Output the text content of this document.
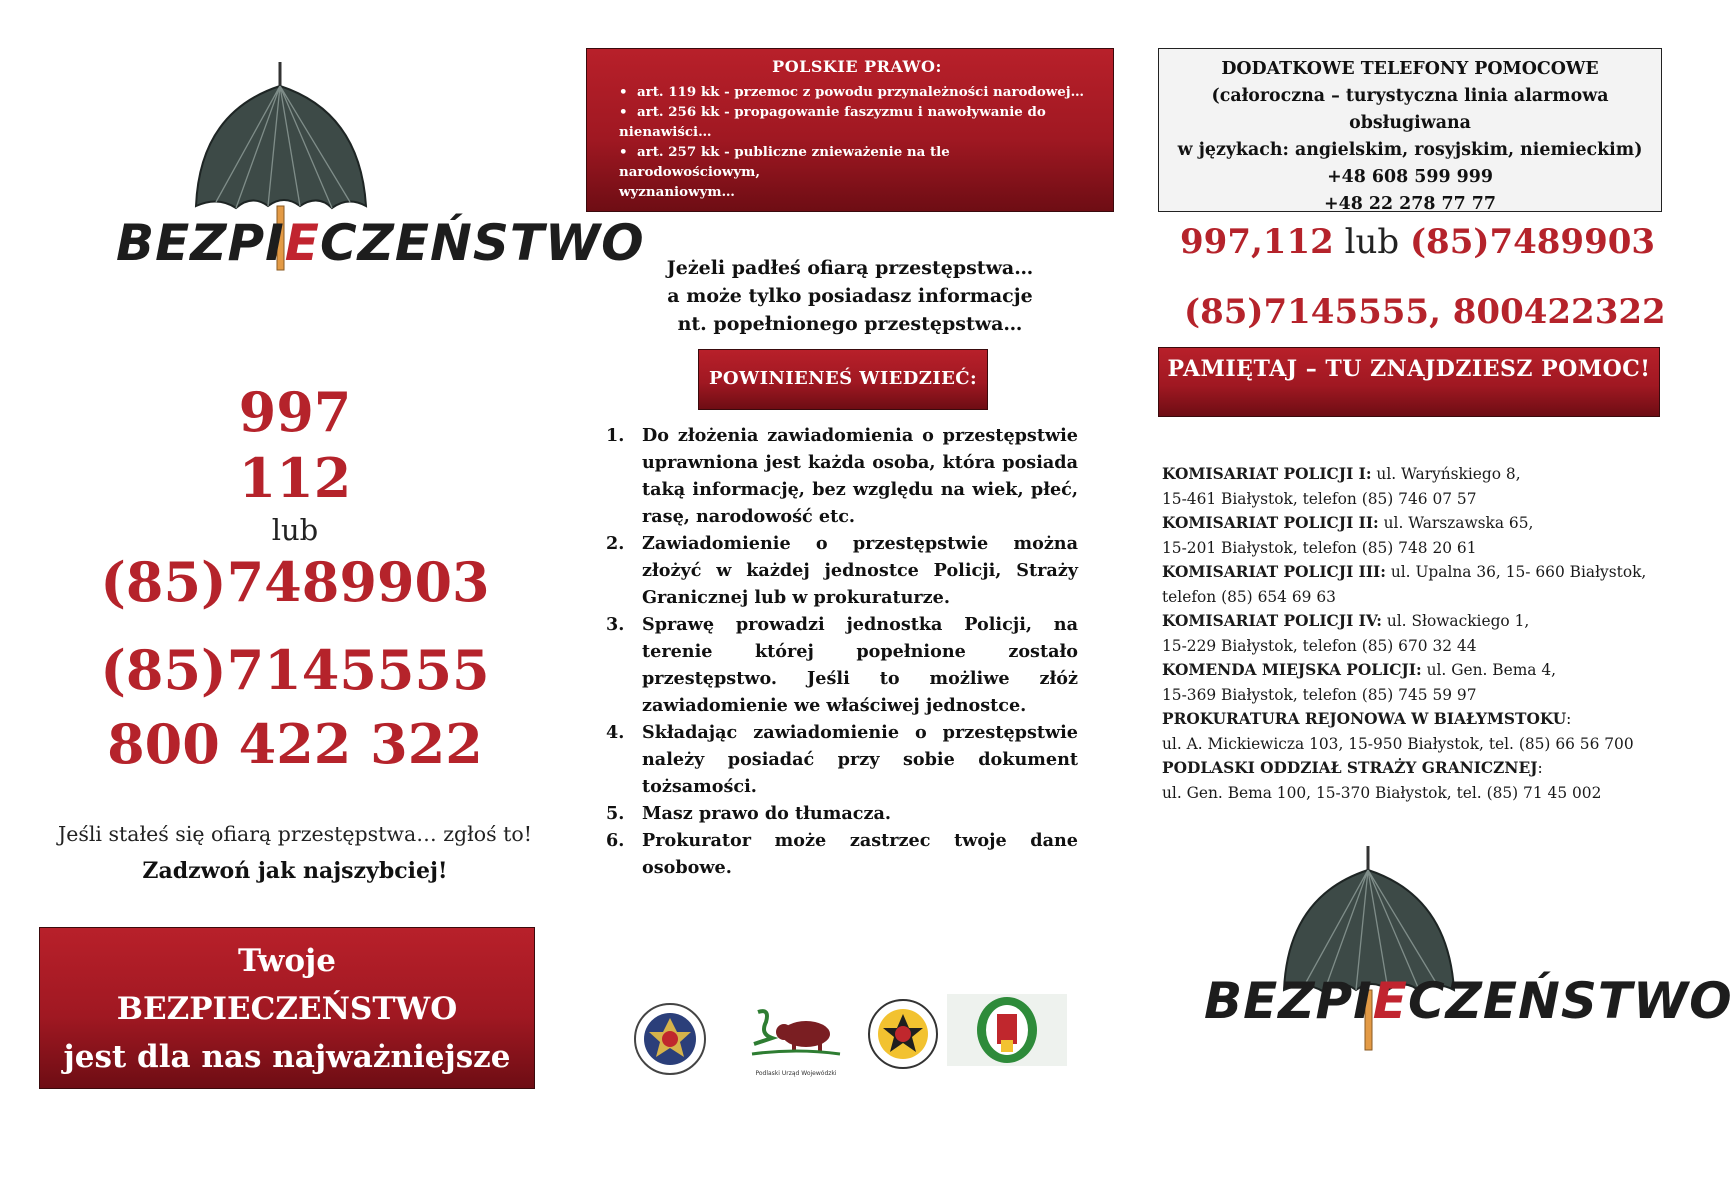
BEZPIECZEŃSTWO
997
112
lub
(85)7489903
(85)7145555
800 422 322
Jeśli stałeś się ofiarą przestępstwa… zgłoś to!
Zadzwoń jak najszybciej!
Twoje
BEZPIECZEŃSTWO
jest dla nas najważniejsze
POLSKIE PRAWO:
• art. 119 kk - przemoc z powodu przynależności narodowej…
• art. 256 kk - propagowanie faszyzmu i nawoływanie do
nienawiści…
• art. 257 kk - publiczne znieważenie na tle narodowościowym,
wyznaniowym…
Jeżeli padłeś ofiarą przestępstwa…
a może tylko posiadasz informacje
nt. popełnionego przestępstwa…
POWINIENEŚ WIEDZIEĆ:
1.	Do złożenia zawiadomienia o przestępstwie uprawniona jest każda osoba, która posiada taką informację, bez względu na wiek, płeć, rasę, narodowość etc.
2.	Zawiadomienie o przestępstwie można złożyć w każdej jednostce Policji, Straży Granicznej lub w prokuraturze.
3.	Sprawę prowadzi jednostka Policji, na terenie której popełnione zostało przestępstwo. Jeśli to możliwe złóż zawiadomienie we właściwej jednostce.
4.	Składając zawiadomienie o przestępstwie należy posiadać przy sobie dokument tożsamości.
5.	Masz prawo do tłumacza.
6.	Prokurator może zastrzec twoje dane osobowe.
Podlaski Urząd Wojewódzki
DODATKOWE TELEFONY POMOCOWE
(całoroczna – turystyczna linia alarmowa obsługiwana
w językach: angielskim, rosyjskim, niemieckim)
+48 608 599 999
+48 22 278 77 77
997,112 lub (85)7489903
(85)7145555, 800422322
PAMIĘTAJ – TU ZNAJDZIESZ POMOC!
KOMISARIAT POLICJI I: ul. Waryńskiego 8,
15-461 Białystok, telefon (85) 746 07 57
KOMISARIAT POLICJI II: ul. Warszawska 65,
15-201 Białystok, telefon (85) 748 20 61
KOMISARIAT POLICJI III: ul. Upalna 36, 15- 660 Białystok,
telefon (85) 654 69 63
KOMISARIAT POLICJI IV: ul. Słowackiego 1,
15-229 Białystok, telefon (85) 670 32 44
KOMENDA MIEJSKA POLICJI: ul. Gen. Bema 4,
15-369 Białystok, telefon (85) 745 59 97
PROKURATURA REJONOWA W BIAŁYMSTOKU:
ul. A. Mickiewicza 103, 15-950 Białystok, tel. (85) 66 56 700
PODLASKI ODDZIAŁ STRAŻY GRANICZNEJ:
ul. Gen. Bema 100, 15-370 Białystok, tel. (85) 71 45 002
BEZPIECZEŃSTWO
